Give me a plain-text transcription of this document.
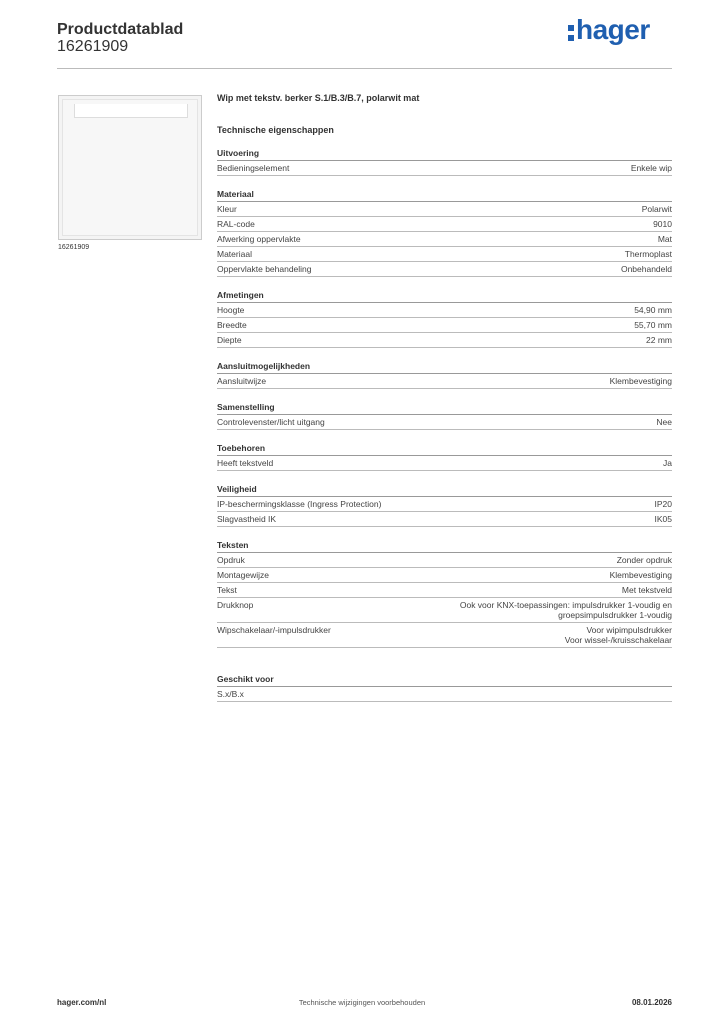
Productdatablad
16261909
hager
16261909
Wip met tekstv. berker S.1/B.3/B.7, polarwit mat
Technische eigenschappen
Uitvoering
Bedieningselement	Enkele wip
Materiaal
Kleur	Polarwit
RAL-code	9010
Afwerking oppervlakte	Mat
Materiaal	Thermoplast
Oppervlakte behandeling	Onbehandeld
Afmetingen
Hoogte	54,90 mm
Breedte	55,70 mm
Diepte	22 mm
Aansluitmogelijkheden
Aansluitwijze	Klembevestiging
Samenstelling
Controlevenster/licht uitgang	Nee
Toebehoren
Heeft tekstveld	Ja
Veiligheid
IP-beschermingsklasse (Ingress Protection)	IP20
Slagvastheid IK	IK05
Teksten
Opdruk	Zonder opdruk
Montagewijze	Klembevestiging
Tekst	Met tekstveld
Drukknop	Ook voor KNX-toepassingen: impulsdrukker 1-voudig en
groepsimpulsdrukker 1-voudig
Wipschakelaar/-impulsdrukker	Voor wipimpulsdrukker
Voor wissel-/kruisschakelaar
Geschikt voor
S.x/B.x
hager.com/nl	Technische wijzigingen voorbehouden	08.01.2026
